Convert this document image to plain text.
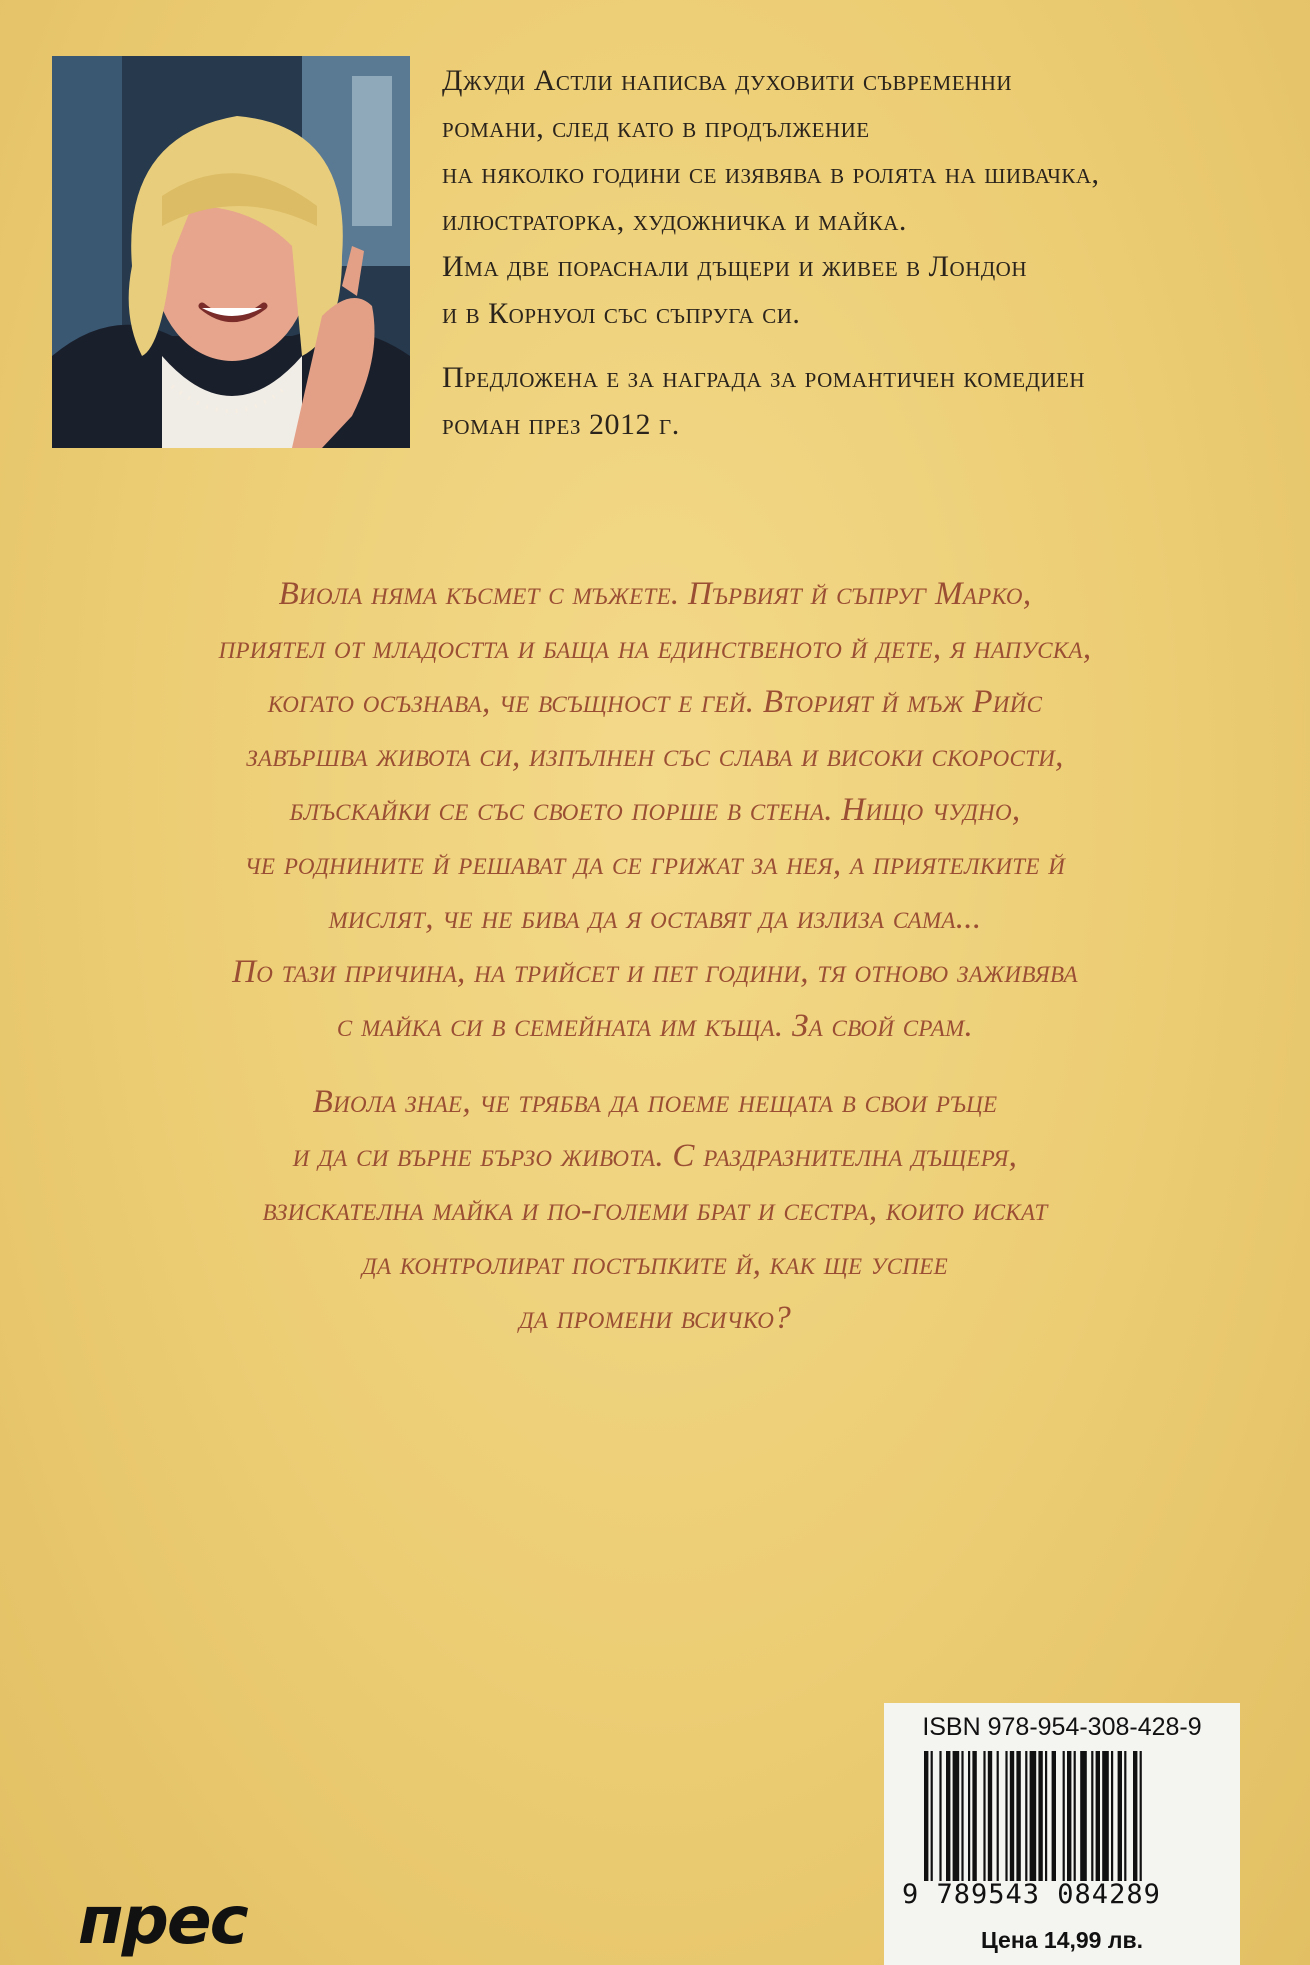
Джуди Астли написва духовити съвременни
романи, след като в продължение
на няколко години се изявява в ролята на шивачка,
илюстраторка, художничка и майка.
Има две пораснали дъщери и живее в Лондон
и в Корнуол със съпруга си.
Предложена е за награда за романтичен комедиен
роман през 2012 г.
Виола няма късмет с мъжете. Първият й съпруг Марко,
приятел от младостта и баща на единственото й дете, я напуска,
когато осъзнава, че всъщност е гей. Вторият й мъж Рийс
завършва живота си, изпълнен със слава и високи скорости,
блъскайки се със своето порше в стена. Нищо чудно,
че роднините й решават да се грижат за нея, а приятелките й
мислят, че не бива да я оставят да излиза сама...
По тази причина, на трийсет и пет години, тя отново заживява
с майка си в семейната им къща. За свой срам.
Виола знае, че трябва да поеме нещата в свои ръце
и да си върне бързо живота. С раздразнителна дъщеря,
взискателна майка и по-големи брат и сестра, които искат
да контролират постъпките й, как ще успее
да промени всичко?
ISBN 978-954-308-428-9
9 789543 084289
Цена 14,99 лв.
прес
